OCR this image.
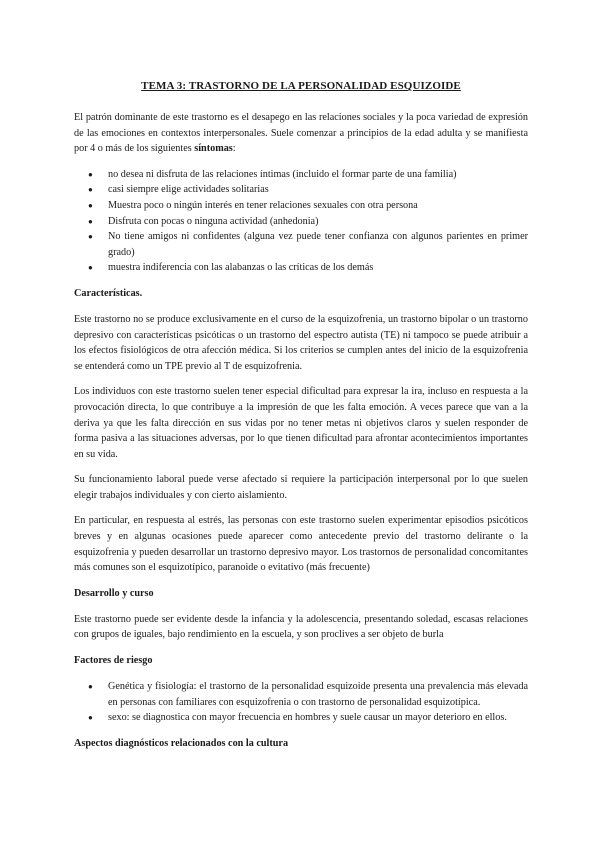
TEMA 3: TRASTORNO DE LA PERSONALIDAD ESQUIZOIDE

El patrón dominante de este trastorno es el desapego en las relaciones sociales y la poca variedad de expresión de las emociones en contextos interpersonales. Suele comenzar a principios de la edad adulta y se manifiesta por 4 o más de los siguientes síntomas:

● no desea ni disfruta de las relaciones íntimas (incluido el formar parte de una familia)
● casi siempre elige actividades solitarias
● Muestra poco o ningún interés en tener relaciones sexuales con otra persona
● Disfruta con pocas o ninguna actividad (anhedonia)
● No tiene amigos ni confidentes (alguna vez puede tener confianza con algunos parientes en primer grado)
● muestra indiferencia con las alabanzas o las críticas de los demás
Características.

Este trastorno no se produce exclusivamente en el curso de la esquizofrenia, un trastorno bipolar o un trastorno depresivo con características psicóticas o un trastorno del espectro autista (TE) ni tampoco se puede atribuir a los efectos fisiológicos de otra afección médica. Si los criterios se cumplen antes del inicio de la esquizofrenia se entenderá como un TPE previo al T de esquizofrenia.

Los individuos con este trastorno suelen tener especial dificultad para expresar la ira, incluso en respuesta a la provocación directa, lo que contribuye a la impresión de que les falta emoción. A veces parece que van a la deriva ya que les falta dirección en sus vidas por no tener metas ni objetivos claros y suelen responder de forma pasiva a las situaciones adversas, por lo que tienen dificultad para afrontar acontecimientos importantes en su vida.

Su funcionamiento laboral puede verse afectado si requiere la participación interpersonal por lo que suelen elegir trabajos individuales y con cierto aislamiento.

En particular, en respuesta al estrés, las personas con este trastorno suelen experimentar episodios psicóticos breves y en algunas ocasiones puede aparecer como antecedente previo del trastorno delirante o la esquizofrenia y pueden desarrollar un trastorno depresivo mayor. Los trastornos de personalidad concomitantes más comunes son el esquizotípico, paranoide o evitativo (más frecuente)

Desarrollo y curso

Este trastorno puede ser evidente desde la infancia y la adolescencia, presentando soledad, escasas relaciones con grupos de iguales, bajo rendimiento en la escuela, y son proclives a ser objeto de burla

Factores de riesgo
● Genética y fisiología: el trastorno de la personalidad esquizoide presenta una prevalencia más elevada en personas con familiares con esquizofrenia o con trastorno de personalidad esquizotípica.
● sexo: se diagnostica con mayor frecuencia en hombres y suele causar un mayor deterioro en ellos.
Aspectos diagnósticos relacionados con la cultura
